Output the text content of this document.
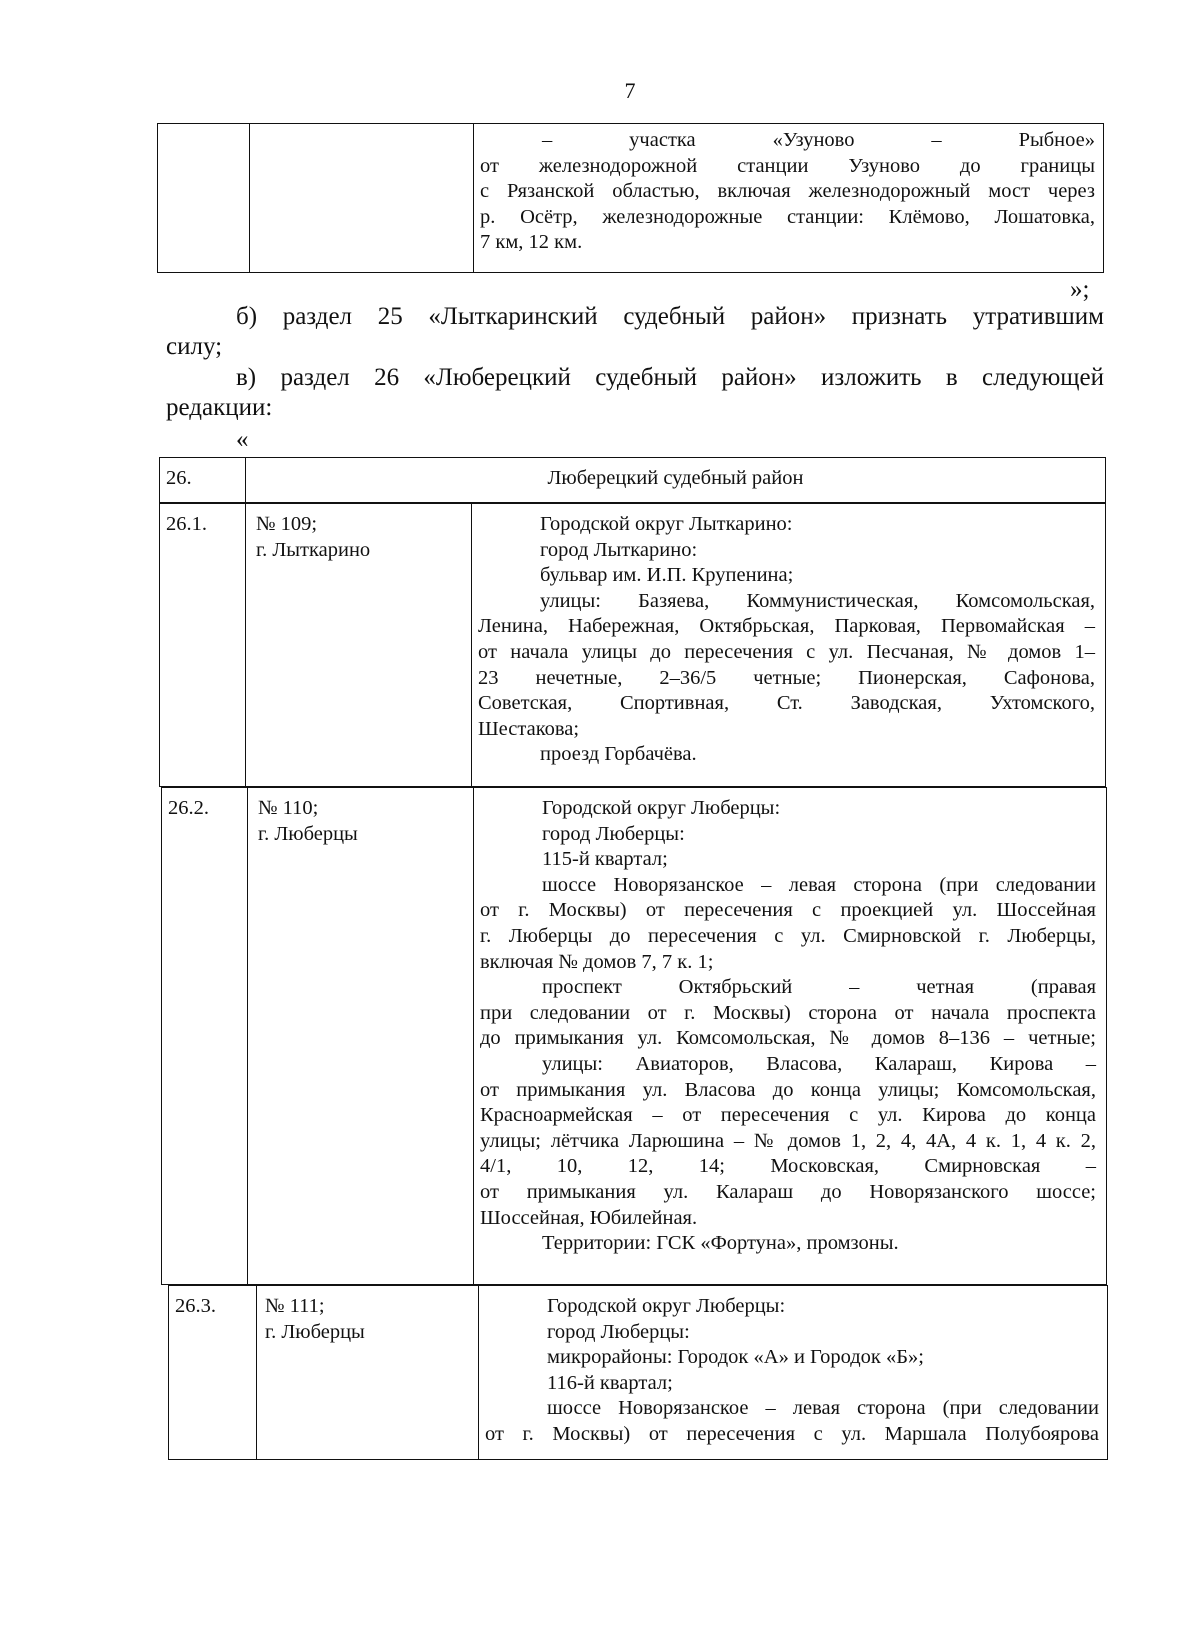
7

– участка «Узуново – Рыбное»
от железнодорожной станции Узуново до границы
с Рязанской областью, включая железнодорожный мост через
р. Осётр, железнодорожные станции: Клёмово, Лошатовка,
7 км, 12 км.
»;
б) раздел 25 «Лыткаринский судебный район» признать утратившим
силу;
в) раздел 26 «Люберецкий судебный район» изложить в следующей
редакции:
«
26.	Люберецкий судебный район
26.1.	№ 109;
г. Лыткарино

Городской округ Лыткарино:
город Лыткарино:
бульвар им. И.П. Крупенина;
улицы: Базяева, Коммунистическая, Комсомольская,
Ленина, Набережная, Октябрьская, Парковая, Первомайская –
от начала улицы до пересечения с ул. Песчаная, № домов 1–
23 нечетные, 2–36/5 четные; Пионерская, Сафонова,
Советская, Спортивная, Ст. Заводская, Ухтомского,
Шестакова;
проезд Горбачёва.
26.2.	№ 110;
г. Люберцы

Городской округ Люберцы:
город Люберцы:
115-й квартал;
шоссе Новорязанское – левая сторона (при следовании
от г. Москвы) от пересечения с проекцией ул. Шоссейная
г. Люберцы до пересечения с ул. Смирновской г. Люберцы,
включая № домов 7, 7 к. 1;
проспект Октябрьский – четная (правая
при следовании от г. Москвы) сторона от начала проспекта
до примыкания ул. Комсомольская, № домов 8–136 – четные;
улицы: Авиаторов, Власова, Калараш, Кирова –
от примыкания ул. Власова до конца улицы; Комсомольская,
Красноармейская – от пересечения с ул. Кирова до конца
улицы; лётчика Ларюшина – № домов 1, 2, 4, 4А, 4 к. 1, 4 к. 2,
4/1, 10, 12, 14; Московская, Смирновская –
от примыкания ул. Калараш до Новорязанского шоссе;
Шоссейная, Юбилейная.
Территории: ГСК «Фортуна», промзоны.
26.3.	№ 111;
г. Люберцы

Городской округ Люберцы:
город Люберцы:
микрорайоны: Городок «А» и Городок «Б»;
116-й квартал;
шоссе Новорязанское – левая сторона (при следовании
от г. Москвы) от пересечения с ул. Маршала Полубоярова
